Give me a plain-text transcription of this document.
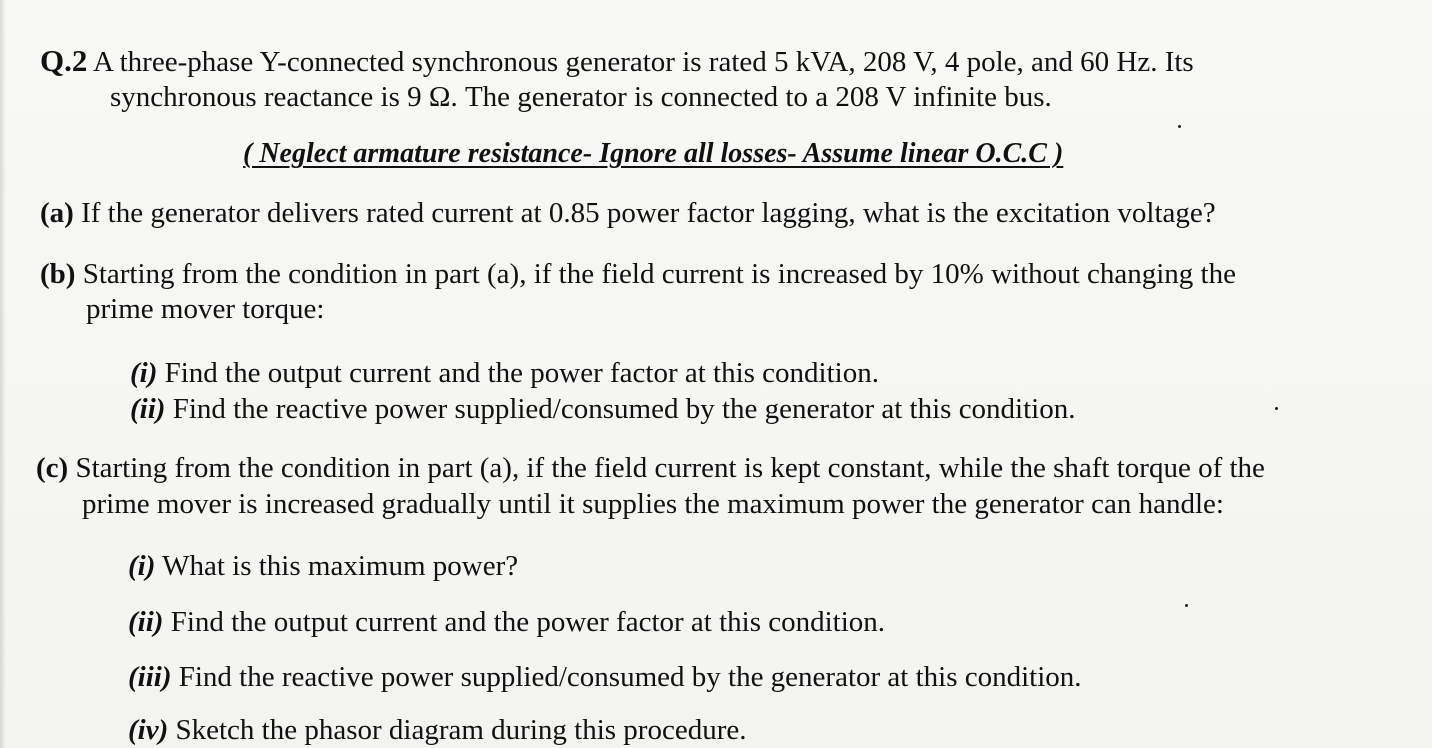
Q.2 A three-phase Y-connected synchronous generator is rated 5 kVA, 208 V, 4 pole, and 60 Hz. Its
synchronous reactance is 9 Ω. The generator is connected to a 208 V infinite bus.
( Neglect armature resistance- Ignore all losses- Assume linear O.C.C )
(a) If the generator delivers rated current at 0.85 power factor lagging, what is the excitation voltage?
(b) Starting from the condition in part (a), if the field current is increased by 10% without changing the
prime mover torque:
(i) Find the output current and the power factor at this condition.
(ii) Find the reactive power supplied/consumed by the generator at this condition.
(c) Starting from the condition in part (a), if the field current is kept constant, while the shaft torque of the
prime mover is increased gradually until it supplies the maximum power the generator can handle:
(i) What is this maximum power?
(ii) Find the output current and the power factor at this condition.
(iii) Find the reactive power supplied/consumed by the generator at this condition.
(iv) Sketch the phasor diagram during this procedure.
